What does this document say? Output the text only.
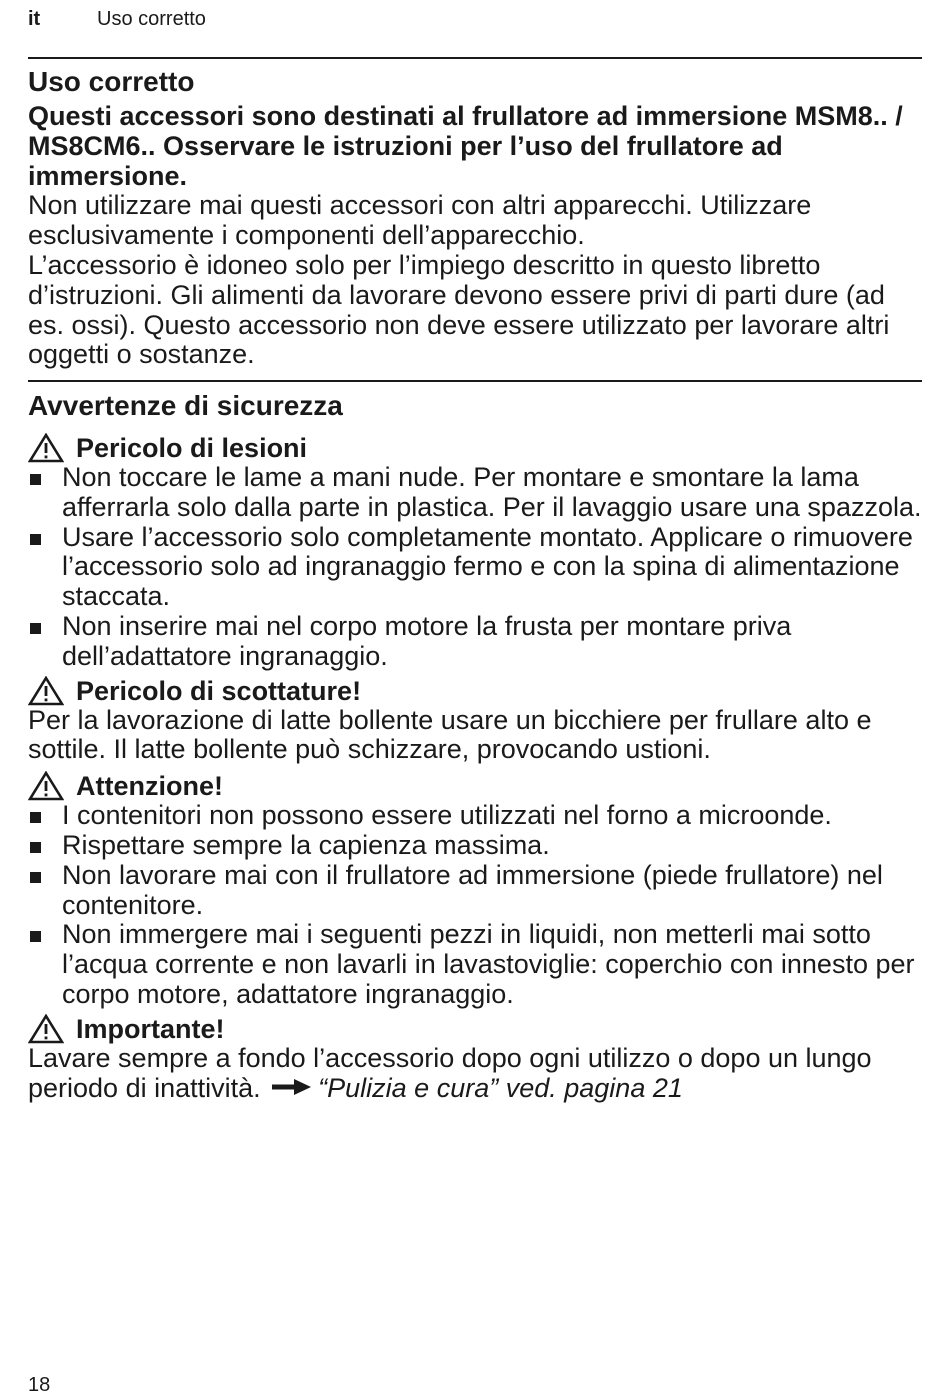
it	Uso corretto
Uso corretto
Questi accessori sono destinati al frullatore ad immersione MSM8.. / MS8CM6.. Osservare le istruzioni per l’uso del frullatore ad immersione.
Non utilizzare mai questi accessori con altri apparecchi. Utilizzare esclusivamente i componenti dell’apparecchio.
L’accessorio è idoneo solo per l’impiego descritto in questo libretto d’istruzioni. Gli alimenti da lavorare devono essere privi di parti dure (ad es. ossi). Questo accessorio non deve essere utilizzato per lavorare altri oggetti o sostanze.
Avvertenze di sicurezza
Pericolo di lesioni
Non toccare le lame a mani nude. Per montare e smontare la lama afferrarla solo dalla parte in plastica. Per il lavaggio usare una spazzola.
Usare l’accessorio solo completamente montato. Applicare o rimuovere l’accessorio solo ad ingranaggio fermo e con la spina di alimentazione staccata.
Non inserire mai nel corpo motore la frusta per montare priva dell’adattatore ingranaggio.
Pericolo di scottature!
Per la lavorazione di latte bollente usare un bicchiere per frullare alto e sottile. Il latte bollente può schizzare, provocando ustioni.
Attenzione!
I contenitori non possono essere utilizzati nel forno a microonde.
Rispettare sempre la capienza massima.
Non lavorare mai con il frullatore ad immersione (piede frullatore) nel contenitore.
Non immergere mai i seguenti pezzi in liquidi, non metterli mai sotto l’acqua corrente e non lavarli in lavastoviglie: coperchio con innesto per corpo motore, adattatore ingranaggio.
Importante!
Lavare sempre a fondo l’accessorio dopo ogni utilizzo o dopo un lungo periodo di inattività. “Pulizia e cura” ved. pagina 21
18
